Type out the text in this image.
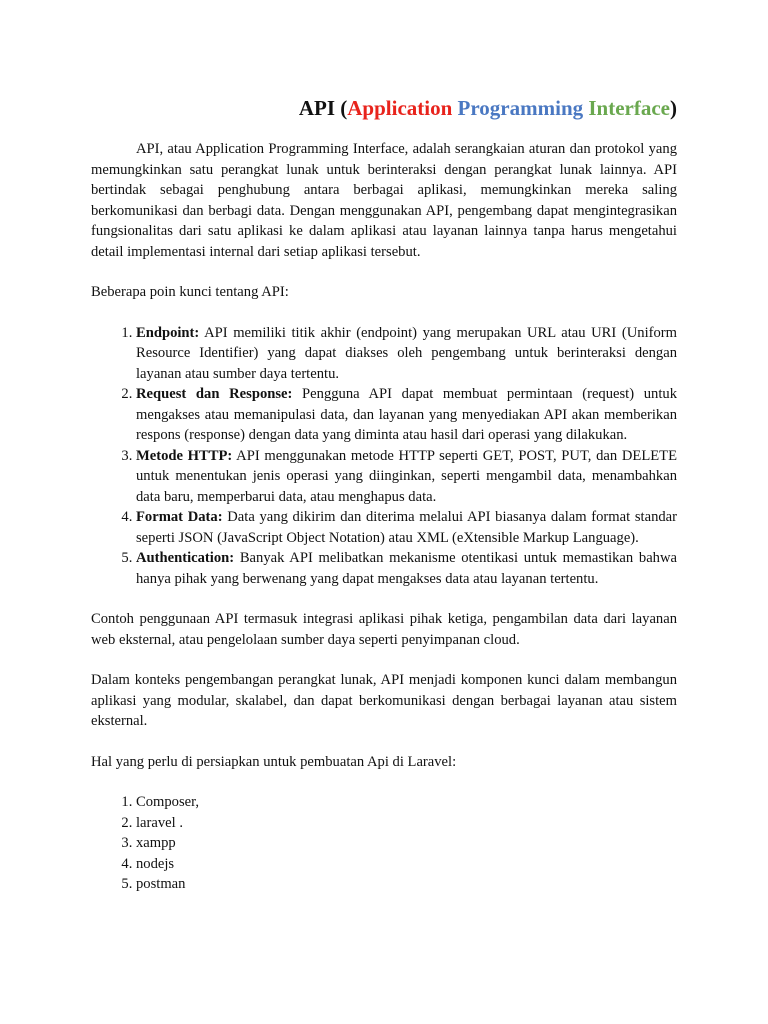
API (Application Programming Interface)

API, atau Application Programming Interface, adalah serangkaian aturan dan protokol yang memungkinkan satu perangkat lunak untuk berinteraksi dengan perangkat lunak lainnya. API bertindak sebagai penghubung antara berbagai aplikasi, memungkinkan mereka saling berkomunikasi dan berbagi data. Dengan menggunakan API, pengembang dapat mengintegrasikan fungsionalitas dari satu aplikasi ke dalam aplikasi atau layanan lainnya tanpa harus mengetahui detail implementasi internal dari setiap aplikasi tersebut.

Beberapa poin kunci tentang API:

1. Endpoint: API memiliki titik akhir (endpoint) yang merupakan URL atau URI (Uniform Resource Identifier) yang dapat diakses oleh pengembang untuk berinteraksi dengan layanan atau sumber daya tertentu.
2. Request dan Response: Pengguna API dapat membuat permintaan (request) untuk mengakses atau memanipulasi data, dan layanan yang menyediakan API akan memberikan respons (response) dengan data yang diminta atau hasil dari operasi yang dilakukan.
3. Metode HTTP: API menggunakan metode HTTP seperti GET, POST, PUT, dan DELETE untuk menentukan jenis operasi yang diinginkan, seperti mengambil data, menambahkan data baru, memperbarui data, atau menghapus data.
4. Format Data: Data yang dikirim dan diterima melalui API biasanya dalam format standar seperti JSON (JavaScript Object Notation) atau XML (eXtensible Markup Language).
5. Authentication: Banyak API melibatkan mekanisme otentikasi untuk memastikan bahwa hanya pihak yang berwenang yang dapat mengakses data atau layanan tertentu.

Contoh penggunaan API termasuk integrasi aplikasi pihak ketiga, pengambilan data dari layanan web eksternal, atau pengelolaan sumber daya seperti penyimpanan cloud.

Dalam konteks pengembangan perangkat lunak, API menjadi komponen kunci dalam membangun aplikasi yang modular, skalabel, dan dapat berkomunikasi dengan berbagai layanan atau sistem eksternal.

Hal yang perlu di persiapkan untuk pembuatan Api di Laravel:

1. Composer,
2. laravel .
3. xampp
4. nodejs
5. postman
